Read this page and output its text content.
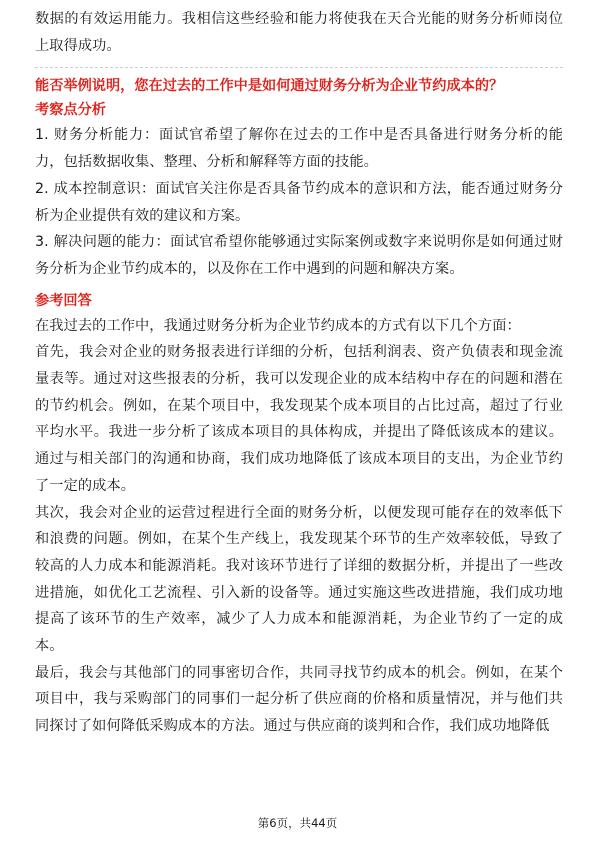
数据的有效运用能力。我相信这些经验和能力将使我在天合光能的财务分析师岗位上取得成功。

能否举例说明，您在过去的工作中是如何通过财务分析为企业节约成本的？

考察点分析

1. 财务分析能力：面试官希望了解你在过去的工作中是否具备进行财务分析的能力，包括数据收集、整理、分析和解释等方面的技能。

2. 成本控制意识：面试官关注你是否具备节约成本的意识和方法，能否通过财务分析为企业提供有效的建议和方案。

3. 解决问题的能力：面试官希望你能够通过实际案例或数字来说明你是如何通过财务分析为企业节约成本的，以及你在工作中遇到的问题和解决方案。

参考回答

在我过去的工作中，我通过财务分析为企业节约成本的方式有以下几个方面：

首先，我会对企业的财务报表进行详细的分析，包括利润表、资产负债表和现金流量表等。通过对这些报表的分析，我可以发现企业的成本结构中存在的问题和潜在的节约机会。例如，在某个项目中，我发现某个成本项目的占比过高，超过了行业平均水平。我进一步分析了该成本项目的具体构成，并提出了降低该成本的建议。通过与相关部门的沟通和协商，我们成功地降低了该成本项目的支出，为企业节约了一定的成本。

其次，我会对企业的运营过程进行全面的财务分析，以便发现可能存在的效率低下和浪费的问题。例如，在某个生产线上，我发现某个环节的生产效率较低，导致了较高的人力成本和能源消耗。我对该环节进行了详细的数据分析，并提出了一些改进措施，如优化工艺流程、引入新的设备等。通过实施这些改进措施，我们成功地提高了该环节的生产效率，减少了人力成本和能源消耗，为企业节约了一定的成本。

最后，我会与其他部门的同事密切合作，共同寻找节约成本的机会。例如，在某个项目中，我与采购部门的同事们一起分析了供应商的价格和质量情况，并与他们共同探讨了如何降低采购成本的方法。通过与供应商的谈判和合作，我们成功地降低

第6页，共44页
